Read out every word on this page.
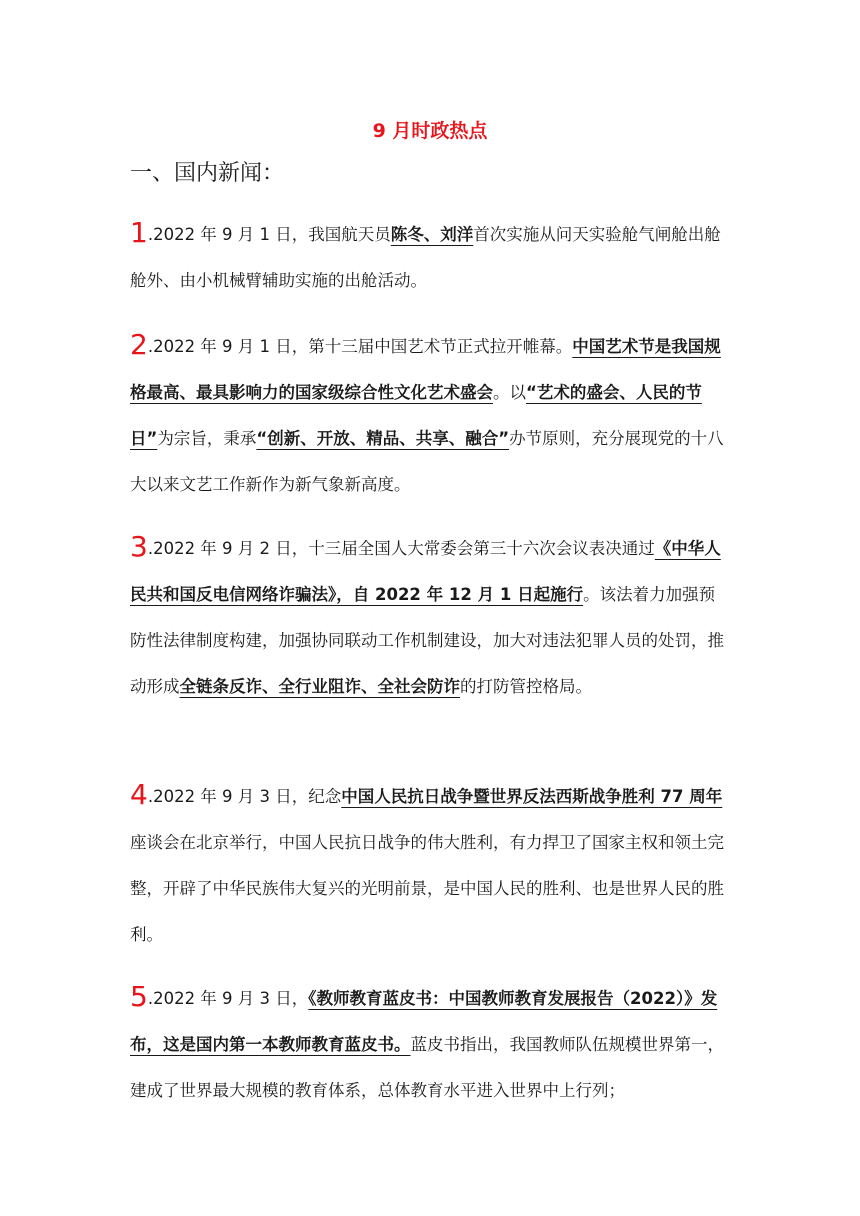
9 月时政热点
一、国内新闻：
1.2022 年 9 月 1 日，我国航天员陈冬、刘洋首次实施从问天实验舱气闸舱出舱舱外、由小机械臂辅助实施的出舱活动。
2.2022 年 9 月 1 日，第十三届中国艺术节正式拉开帷幕。中国艺术节是我国规格最高、最具影响力的国家级综合性文化艺术盛会。以“艺术的盛会、人民的节日”为宗旨，秉承“创新、开放、精品、共享、融合”办节原则，充分展现党的十八大以来文艺工作新作为新气象新高度。
3.2022 年 9 月 2 日，十三届全国人大常委会第三十六次会议表决通过《中华人民共和国反电信网络诈骗法》，自 2022 年 12 月 1 日起施行。该法着力加强预防性法律制度构建，加强协同联动工作机制建设，加大对违法犯罪人员的处罚，推动形成全链条反诈、全行业阻诈、全社会防诈的打防管控格局。
4.2022 年 9 月 3 日，纪念中国人民抗日战争暨世界反法西斯战争胜利 77 周年座谈会在北京举行，中国人民抗日战争的伟大胜利，有力捍卫了国家主权和领土完整，开辟了中华民族伟大复兴的光明前景，是中国人民的胜利、也是世界人民的胜利。
5.2022 年 9 月 3 日，《教师教育蓝皮书：中国教师教育发展报告（2022）》发布，这是国内第一本教师教育蓝皮书。蓝皮书指出，我国教师队伍规模世界第一，建成了世界最大规模的教育体系，总体教育水平进入世界中上行列；
